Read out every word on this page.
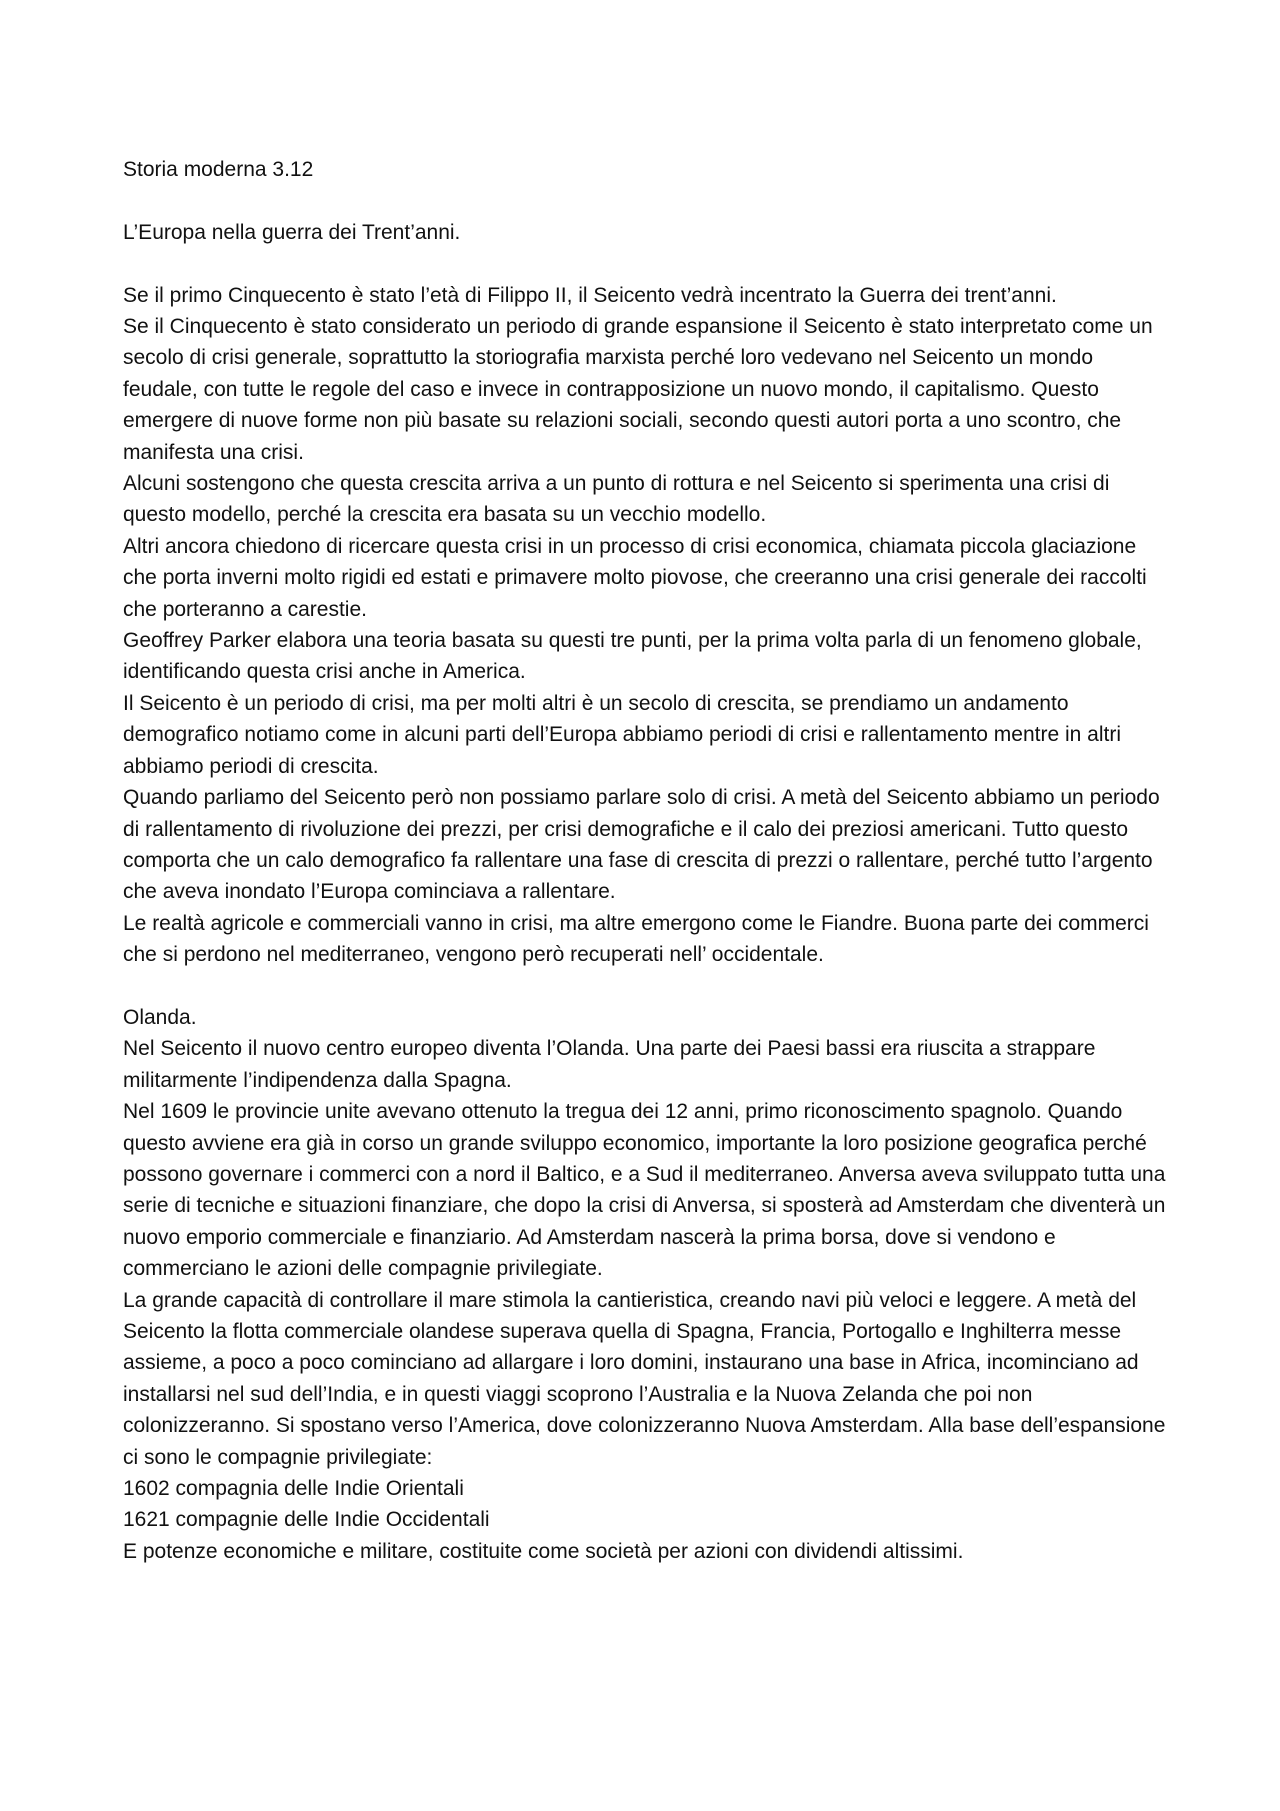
Storia moderna 3.12

L’Europa nella guerra dei Trent’anni.

Se il primo Cinquecento è stato l’età di Filippo II, il Seicento vedrà incentrato la Guerra dei trent’anni.

Se il Cinquecento è stato considerato un periodo di grande espansione il Seicento è stato interpretato come un secolo di crisi generale, soprattutto la storiografia marxista perché loro vedevano nel Seicento un mondo feudale, con tutte le regole del caso e invece in contrapposizione un nuovo mondo, il capitalismo. Questo emergere di nuove forme non più basate su relazioni sociali, secondo questi autori porta a uno scontro, che manifesta una crisi.

Alcuni sostengono che questa crescita arriva a un punto di rottura e nel Seicento si sperimenta una crisi di questo modello, perché la crescita era basata su un vecchio modello.

Altri ancora chiedono di ricercare questa crisi in un processo di crisi economica, chiamata piccola glaciazione che porta inverni molto rigidi ed estati e primavere molto piovose, che creeranno una crisi generale dei raccolti che porteranno a carestie.

Geoffrey Parker elabora una teoria basata su questi tre punti, per la prima volta parla di un fenomeno globale, identificando questa crisi anche in America.

Il Seicento è un periodo di crisi, ma per molti altri è un secolo di crescita, se prendiamo un andamento demografico notiamo come in alcuni parti dell’Europa abbiamo periodi di crisi e rallentamento mentre in altri abbiamo periodi di crescita.

Quando parliamo del Seicento però non possiamo parlare solo di crisi. A metà del Seicento abbiamo un periodo di rallentamento di rivoluzione dei prezzi, per crisi demografiche e il calo dei preziosi americani. Tutto questo comporta che un calo demografico fa rallentare una fase di crescita di prezzi o rallentare, perché tutto l’argento che aveva inondato l’Europa cominciava a rallentare.

Le realtà agricole e commerciali vanno in crisi, ma altre emergono come le Fiandre. Buona parte dei commerci che si perdono nel mediterraneo, vengono però recuperati nell’ occidentale.

Olanda.

Nel Seicento il nuovo centro europeo diventa l’Olanda. Una parte dei Paesi bassi era riuscita a strappare militarmente l’indipendenza dalla Spagna.

Nel 1609 le provincie unite avevano ottenuto la tregua dei 12 anni, primo riconoscimento spagnolo. Quando questo avviene era già in corso un grande sviluppo economico, importante la loro posizione geografica perché possono governare i commerci con a nord il Baltico, e a Sud il mediterraneo. Anversa aveva sviluppato tutta una serie di tecniche e situazioni finanziare, che dopo la crisi di Anversa, si sposterà ad Amsterdam che diventerà un nuovo emporio commerciale e finanziario. Ad Amsterdam nascerà la prima borsa, dove si vendono e commerciano le azioni delle compagnie privilegiate.

La grande capacità di controllare il mare stimola la cantieristica, creando navi più veloci e leggere. A metà del Seicento la flotta commerciale olandese superava quella di Spagna, Francia, Portogallo e Inghilterra messe assieme, a poco a poco cominciano ad allargare i loro domini, instaurano una base in Africa, incominciano ad installarsi nel sud dell’India, e in questi viaggi scoprono l’Australia e la Nuova Zelanda che poi non colonizzeranno. Si spostano verso l’America, dove colonizzeranno Nuova Amsterdam. Alla base dell’espansione ci sono le compagnie privilegiate:

1602 compagnia delle Indie Orientali

1621 compagnie delle Indie Occidentali

E potenze economiche e militare, costituite come società per azioni con dividendi altissimi.
